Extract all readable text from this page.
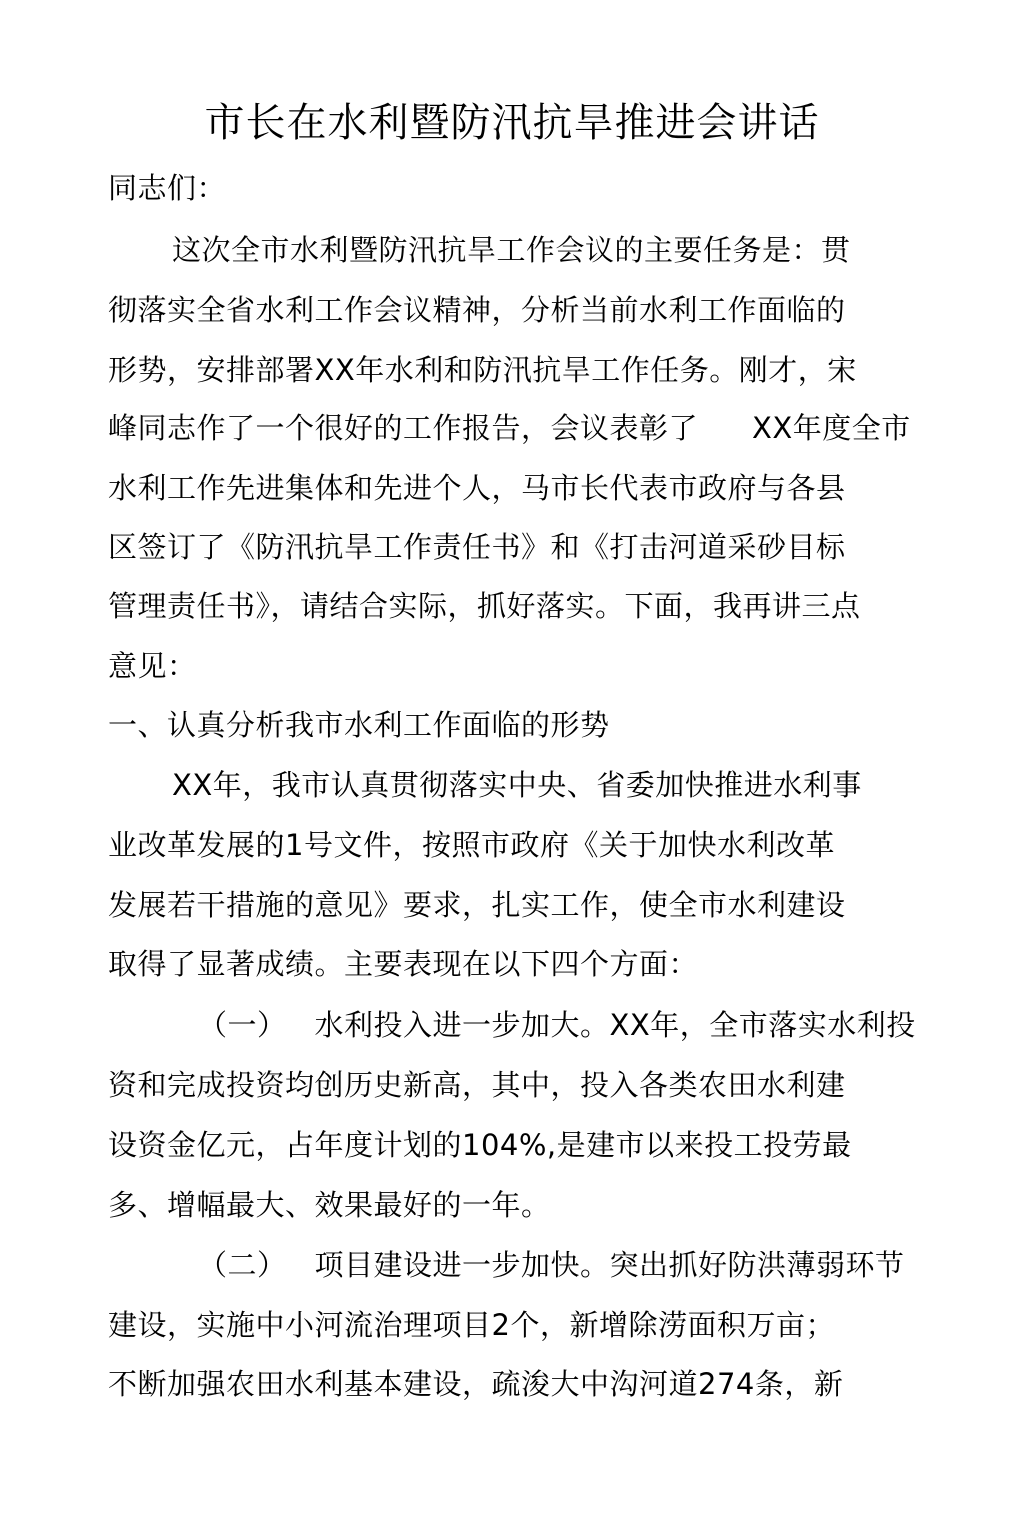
市长在水利暨防汛抗旱推进会讲话
同志们：
这次全市水利暨防汛抗旱工作会议的主要任务是：贯
彻落实全省水利工作会议精神，分析当前水利工作面临的
形势，安排部署XX年水利和防汛抗旱工作任务。刚才，宋
峰同志作了一个很好的工作报告，会议表彰了 XX年度全市
水利工作先进集体和先进个人，马市长代表市政府与各县
区签订了《防汛抗旱工作责任书》和《打击河道采砂目标
管理责任书》，请结合实际，抓好落实。下面，我再讲三点
意见：
一、认真分析我市水利工作面临的形势
XX年，我市认真贯彻落实中央、省委加快推进水利事
业改革发展的1号文件，按照市政府《关于加快水利改革
发展若干措施的意见》要求，扎实工作，使全市水利建设
取得了显著成绩。主要表现在以下四个方面：
（一） 水利投入进一步加大。XX年，全市落实水利投
资和完成投资均创历史新高，其中，投入各类农田水利建
设资金亿元，占年度计划的104%,是建市以来投工投劳最
多、增幅最大、效果最好的一年。
（二） 项目建设进一步加快。突出抓好防洪薄弱环节
建设，实施中小河流治理项目2个，新增除涝面积万亩；
不断加强农田水利基本建设，疏浚大中沟河道274条，新
